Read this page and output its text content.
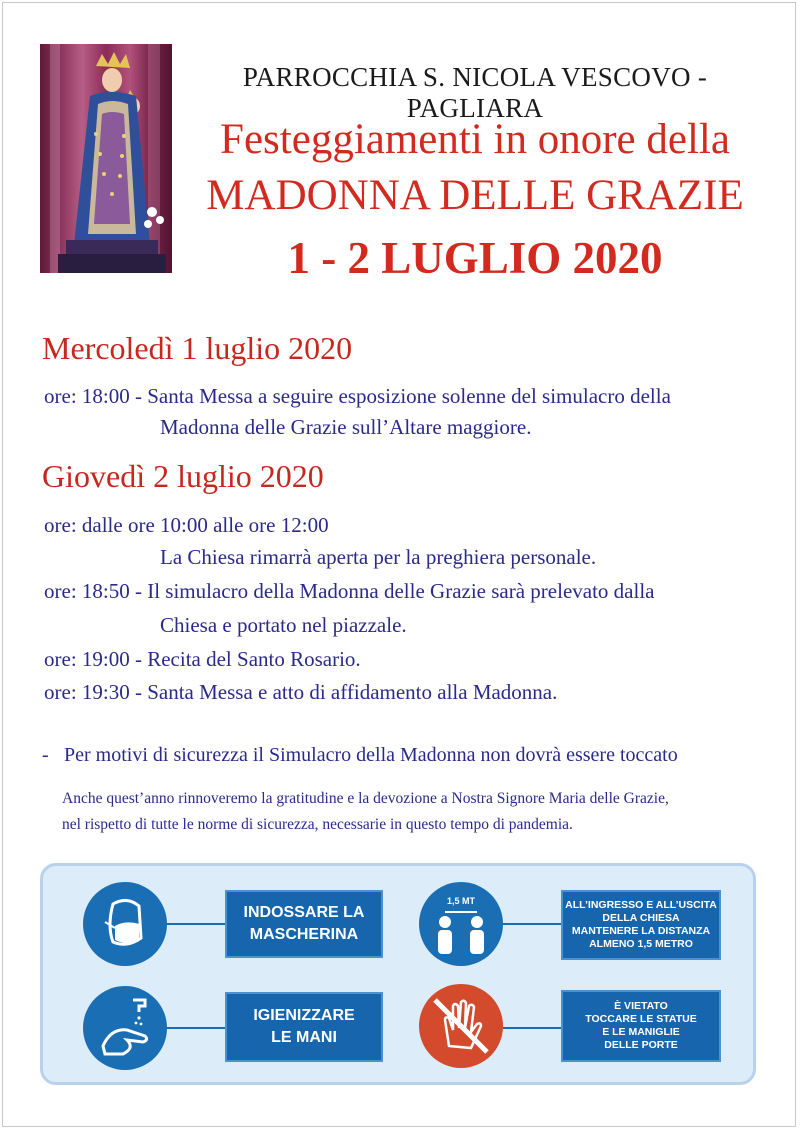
PARROCCHIA S. NICOLA VESCOVO - PAGLIARA
Festeggiamenti in onore della
MADONNA DELLE GRAZIE
1 - 2 LUGLIO 2020
Mercoledì 1 luglio 2020
ore: 18:00 - Santa Messa a seguire esposizione solenne del simulacro della
Madonna delle Grazie sull’Altare maggiore.
Giovedì 2 luglio 2020
ore: dalle ore 10:00 alle ore 12:00
La Chiesa rimarrà aperta per la preghiera personale.
ore: 18:50 - Il simulacro della Madonna delle Grazie sarà prelevato dalla
Chiesa e portato nel piazzale.
ore: 19:00 - Recita del Santo Rosario.
ore: 19:30 - Santa Messa e atto di affidamento alla Madonna.
- Per motivi di sicurezza il Simulacro della Madonna non dovrà essere toccato
Anche quest’anno rinnoveremo la gratitudine e la devozione a Nostra Signore Maria delle Grazie,
nel rispetto di tutte le norme di sicurezza, necessarie in questo tempo di pandemia.
INDOSSARE LA
MASCHERINA
1,5 MT	ALL’INGRESSO E ALL’USCITA
DELLA CHIESA
MANTENERE LA DISTANZA
ALMENO 1,5 METRO
IGIENIZZARE
LE MANI
È VIETATO
TOCCARE LE STATUE
E LE MANIGLIE
DELLE PORTE
